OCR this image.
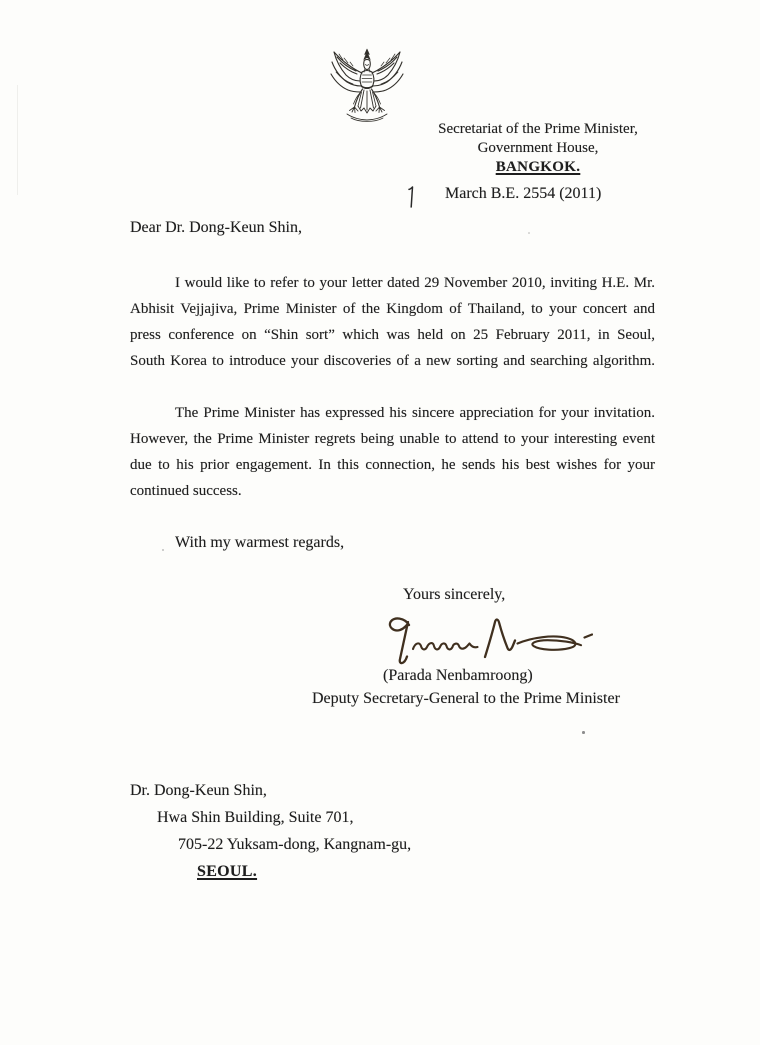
Secretariat of the Prime Minister,
Government House,
BANGKOK.
March B.E. 2554 (2011)
Dear Dr. Dong-Keun Shin,
I would like to refer to your letter dated 29 November 2010, inviting H.E. Mr.
Abhisit Vejjajiva, Prime Minister of the Kingdom of Thailand, to your concert and
press conference on “Shin sort” which was held on 25 February 2011, in Seoul,
South Korea to introduce your discoveries of a new sorting and searching algorithm.
The Prime Minister has expressed his sincere appreciation for your invitation.
However, the Prime Minister regrets being unable to attend to your interesting event
due to his prior engagement. In this connection, he sends his best wishes for your
continued success.
With my warmest regards,
Yours sincerely,
(Parada Nenbamroong)
Deputy Secretary-General to the Prime Minister
Dr. Dong-Keun Shin,
Hwa Shin Building, Suite 701,
705-22 Yuksam-dong, Kangnam-gu,
SEOUL.
